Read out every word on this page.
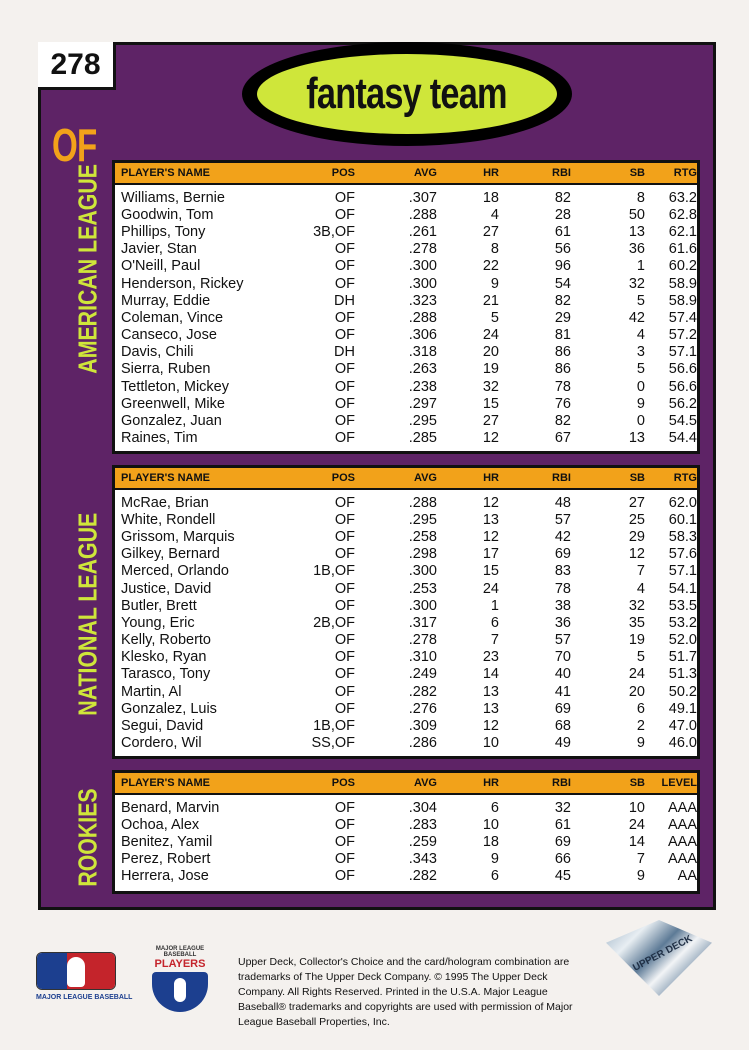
278
fantasy team
OF
AMERICAN LEAGUE
NATIONAL LEAGUE
ROOKIES
PLAYER'S NAME	POS	AVG	HR	RBI	SB	RTG
Williams, Bernie	OF	.307	18	82	8	63.2
Goodwin, Tom	OF	.288	4	28	50	62.8
Phillips, Tony	3B,OF	.261	27	61	13	62.1
Javier, Stan	OF	.278	8	56	36	61.6
O'Neill, Paul	OF	.300	22	96	1	60.2
Henderson, Rickey	OF	.300	9	54	32	58.9
Murray, Eddie	DH	.323	21	82	5	58.9
Coleman, Vince	OF	.288	5	29	42	57.4
Canseco, Jose	OF	.306	24	81	4	57.2
Davis, Chili	DH	.318	20	86	3	57.1
Sierra, Ruben	OF	.263	19	86	5	56.6
Tettleton, Mickey	OF	.238	32	78	0	56.6
Greenwell, Mike	OF	.297	15	76	9	56.2
Gonzalez, Juan	OF	.295	27	82	0	54.5
Raines, Tim	OF	.285	12	67	13	54.4
PLAYER'S NAME	POS	AVG	HR	RBI	SB	RTG
McRae, Brian	OF	.288	12	48	27	62.0
White, Rondell	OF	.295	13	57	25	60.1
Grissom, Marquis	OF	.258	12	42	29	58.3
Gilkey, Bernard	OF	.298	17	69	12	57.6
Merced, Orlando	1B,OF	.300	15	83	7	57.1
Justice, David	OF	.253	24	78	4	54.1
Butler, Brett	OF	.300	1	38	32	53.5
Young, Eric	2B,OF	.317	6	36	35	53.2
Kelly, Roberto	OF	.278	7	57	19	52.0
Klesko, Ryan	OF	.310	23	70	5	51.7
Tarasco, Tony	OF	.249	14	40	24	51.3
Martin, Al	OF	.282	13	41	20	50.2
Gonzalez, Luis	OF	.276	13	69	6	49.1
Segui, David	1B,OF	.309	12	68	2	47.0
Cordero, Wil	SS,OF	.286	10	49	9	46.0
PLAYER'S NAME	POS	AVG	HR	RBI	SB	LEVEL
Benard, Marvin	OF	.304	6	32	10	AAA
Ochoa, Alex	OF	.283	10	61	24	AAA
Benitez, Yamil	OF	.259	18	69	14	AAA
Perez, Robert	OF	.343	9	66	7	AAA
Herrera, Jose	OF	.282	6	45	9	AA
MAJOR LEAGUE BASEBALL
MAJOR LEAGUE BASEBALL
PLAYERS	Upper Deck, Collector's Choice and the card/hologram combination are trademarks of The Upper Deck Company. © 1995 The Upper Deck Company. All Rights Reserved. Printed in the U.S.A. Major League Baseball® trademarks and copyrights are used with permission of Major League Baseball Properties, Inc.
UPPER DECK
